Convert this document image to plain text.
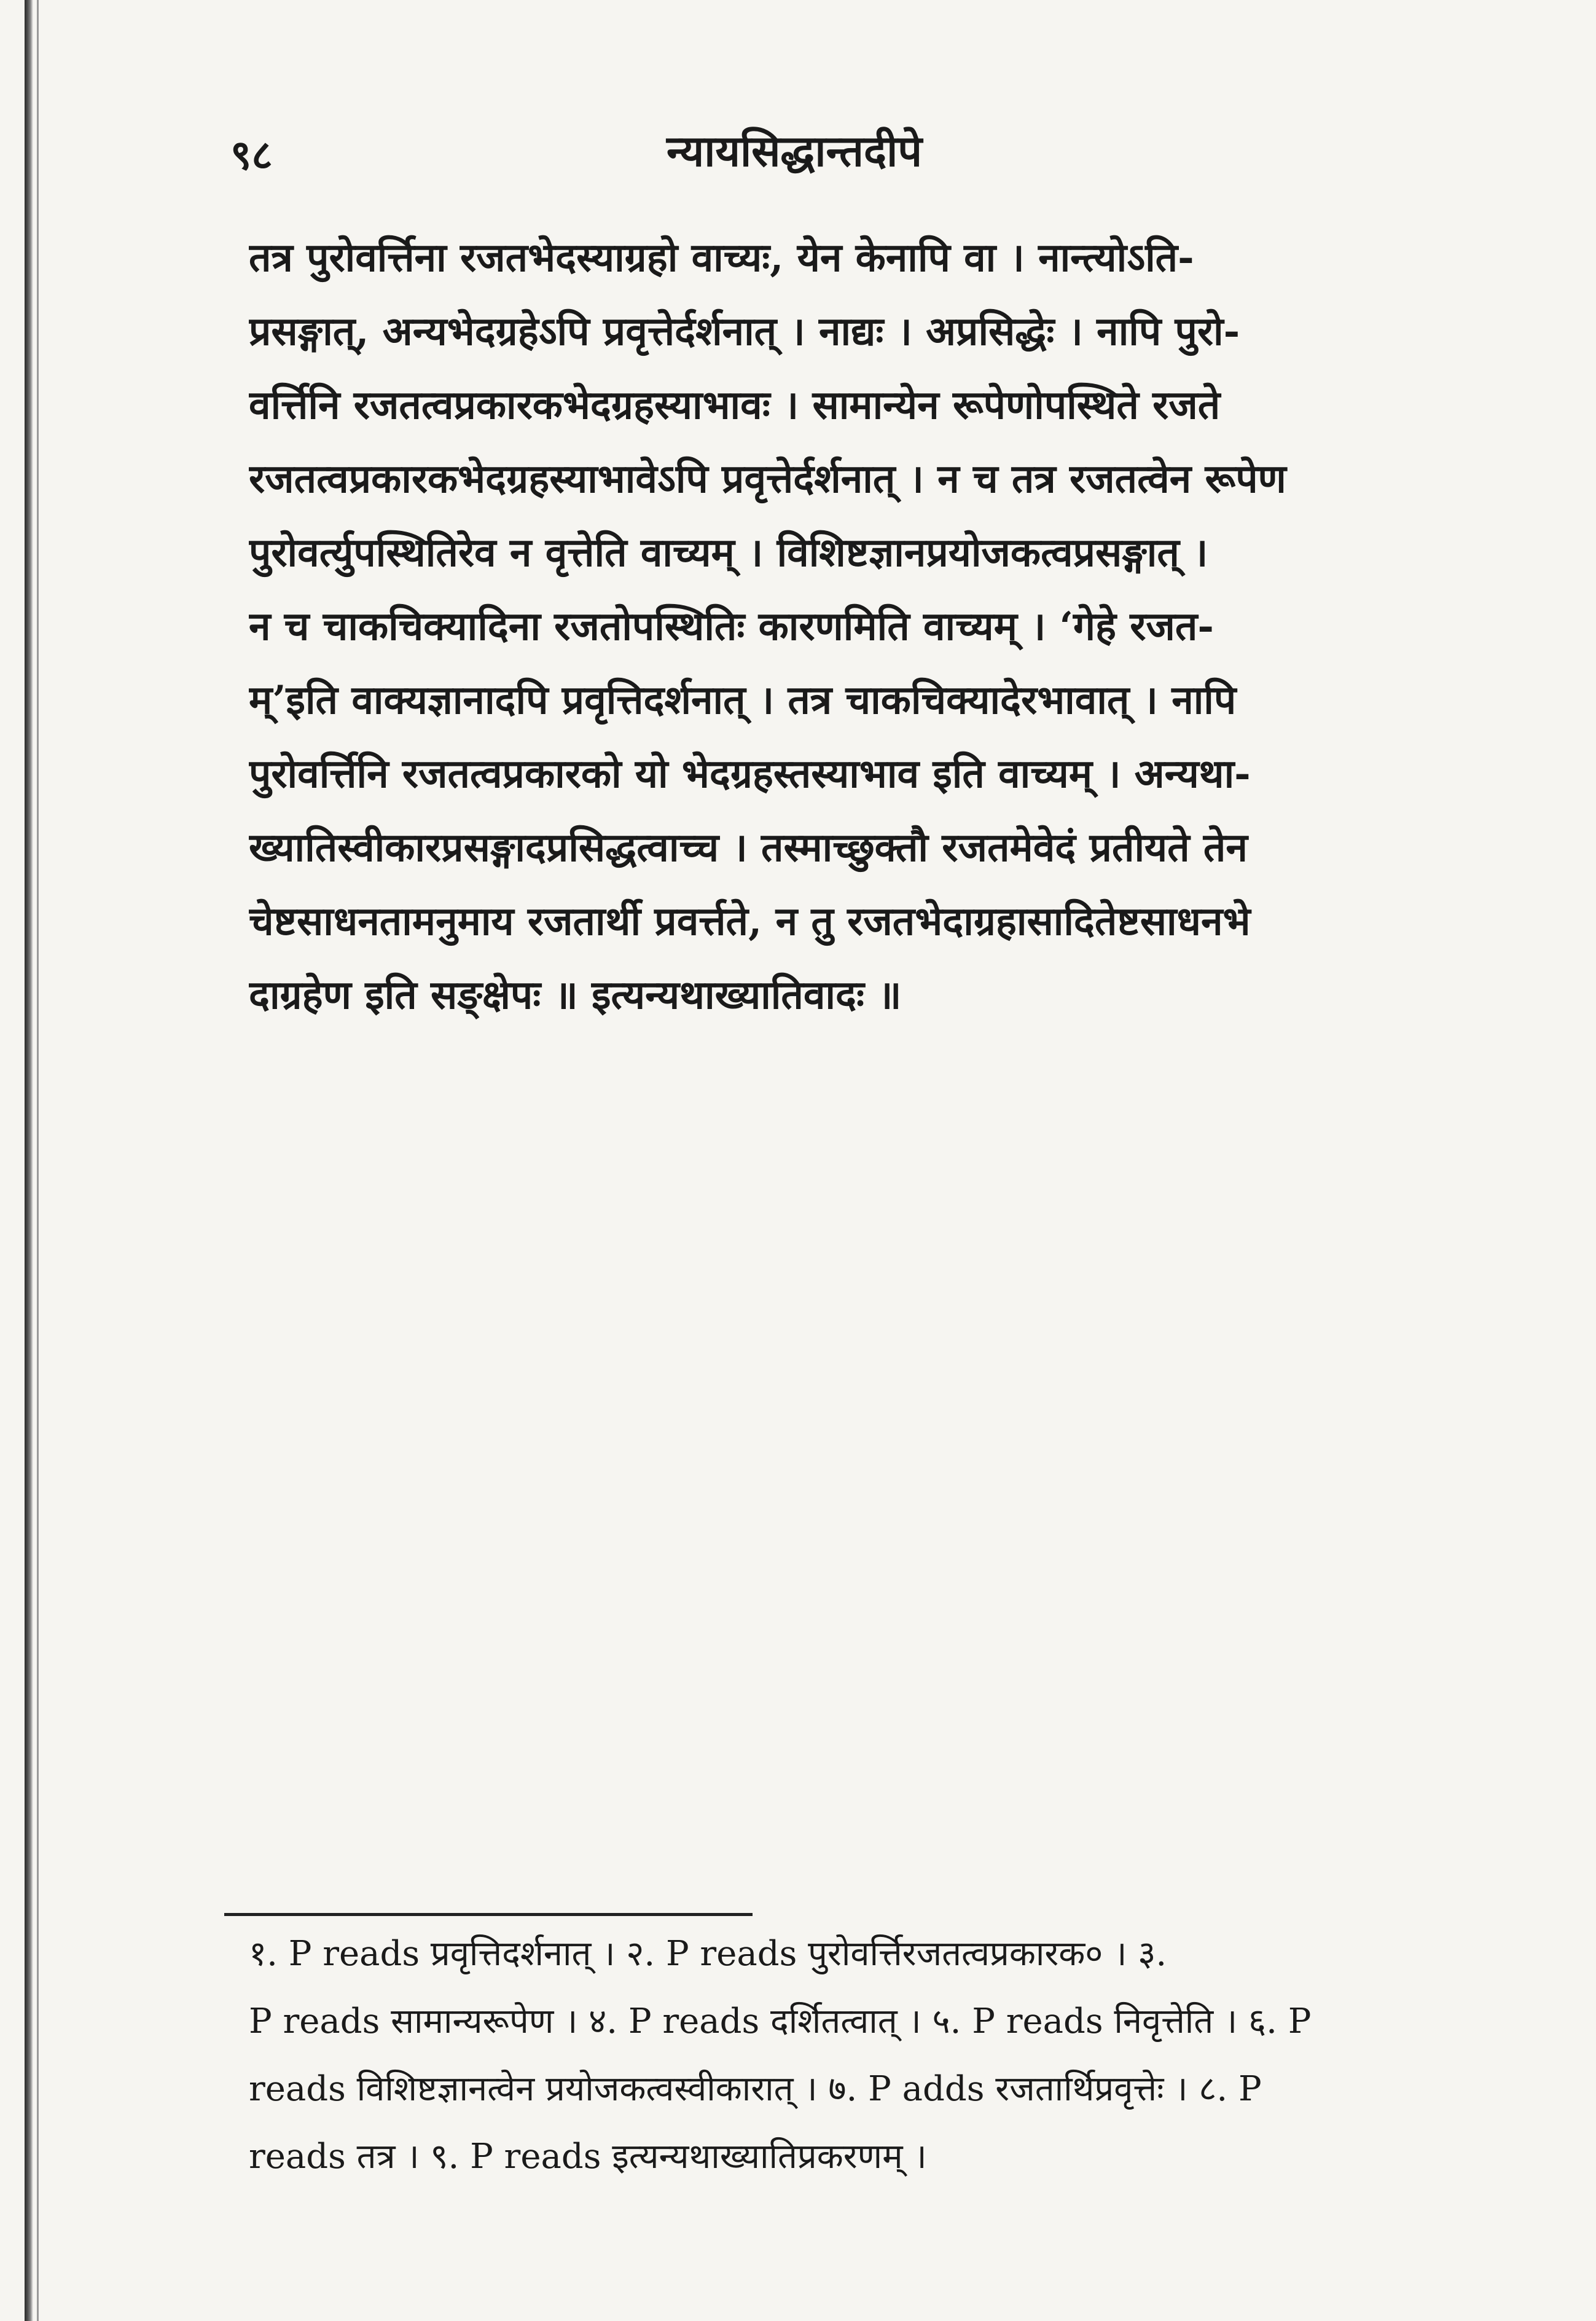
९८	न्यायसिद्धान्तदीपे
तत्र पुरोवर्त्तिना रजतभेदस्याग्रहो वाच्यः, येन केनापि वा । नान्त्योऽति-
प्रसङ्गात्, अन्यभेदग्रहेऽपि प्रवृत्तेर्दर्शनात् । नाद्यः । अप्रसिद्धेः । नापि पुरो-
वर्त्तिनि रजतत्वप्रकारकभेदग्रहस्याभावः । सामान्येन रूपेणोपस्थिते रजते
रजतत्वप्रकारकभेदग्रहस्याभावेऽपि प्रवृत्तेर्दर्शनात् । न च तत्र रजतत्वेन रूपेण
पुरोवर्त्युपस्थितिरेव न वृत्तेति वाच्यम् । विशिष्टज्ञानप्रयोजकत्वप्रसङ्गात् ।
न च चाकचिक्यादिना रजतोपस्थितिः कारणमिति वाच्यम् । ‘गेहे रजत-
म्’इति वाक्यज्ञानादपि प्रवृत्तिदर्शनात् । तत्र चाकचिक्यादेरभावात् । नापि
पुरोवर्त्तिनि रजतत्वप्रकारको यो भेदग्रहस्तस्याभाव इति वाच्यम् । अन्यथा-
ख्यातिस्वीकारप्रसङ्गादप्रसिद्धत्वाच्च । तस्माच्छुक्तौ रजतमेवेदं प्रतीयते तेन
चेष्टसाधनतामनुमाय रजतार्थी प्रवर्त्तते, न तु रजतभेदाग्रहासादितेष्टसाधनभे
दाग्रहेण इति सङ्क्षेपः ॥ इत्यन्यथाख्यातिवादः ॥
१. P reads प्रवृत्तिदर्शनात् । २. P reads पुरोवर्त्तिरजतत्वप्रकारक० । ३.
P reads सामान्यरूपेण । ४. P reads दर्शितत्वात् । ५. P reads निवृत्तेति । ६. P
reads विशिष्टज्ञानत्वेन प्रयोजकत्वस्वीकारात् । ७. P adds रजतार्थिप्रवृत्तेः । ८. P
reads तत्र । ९. P reads इत्यन्यथाख्यातिप्रकरणम् ।
